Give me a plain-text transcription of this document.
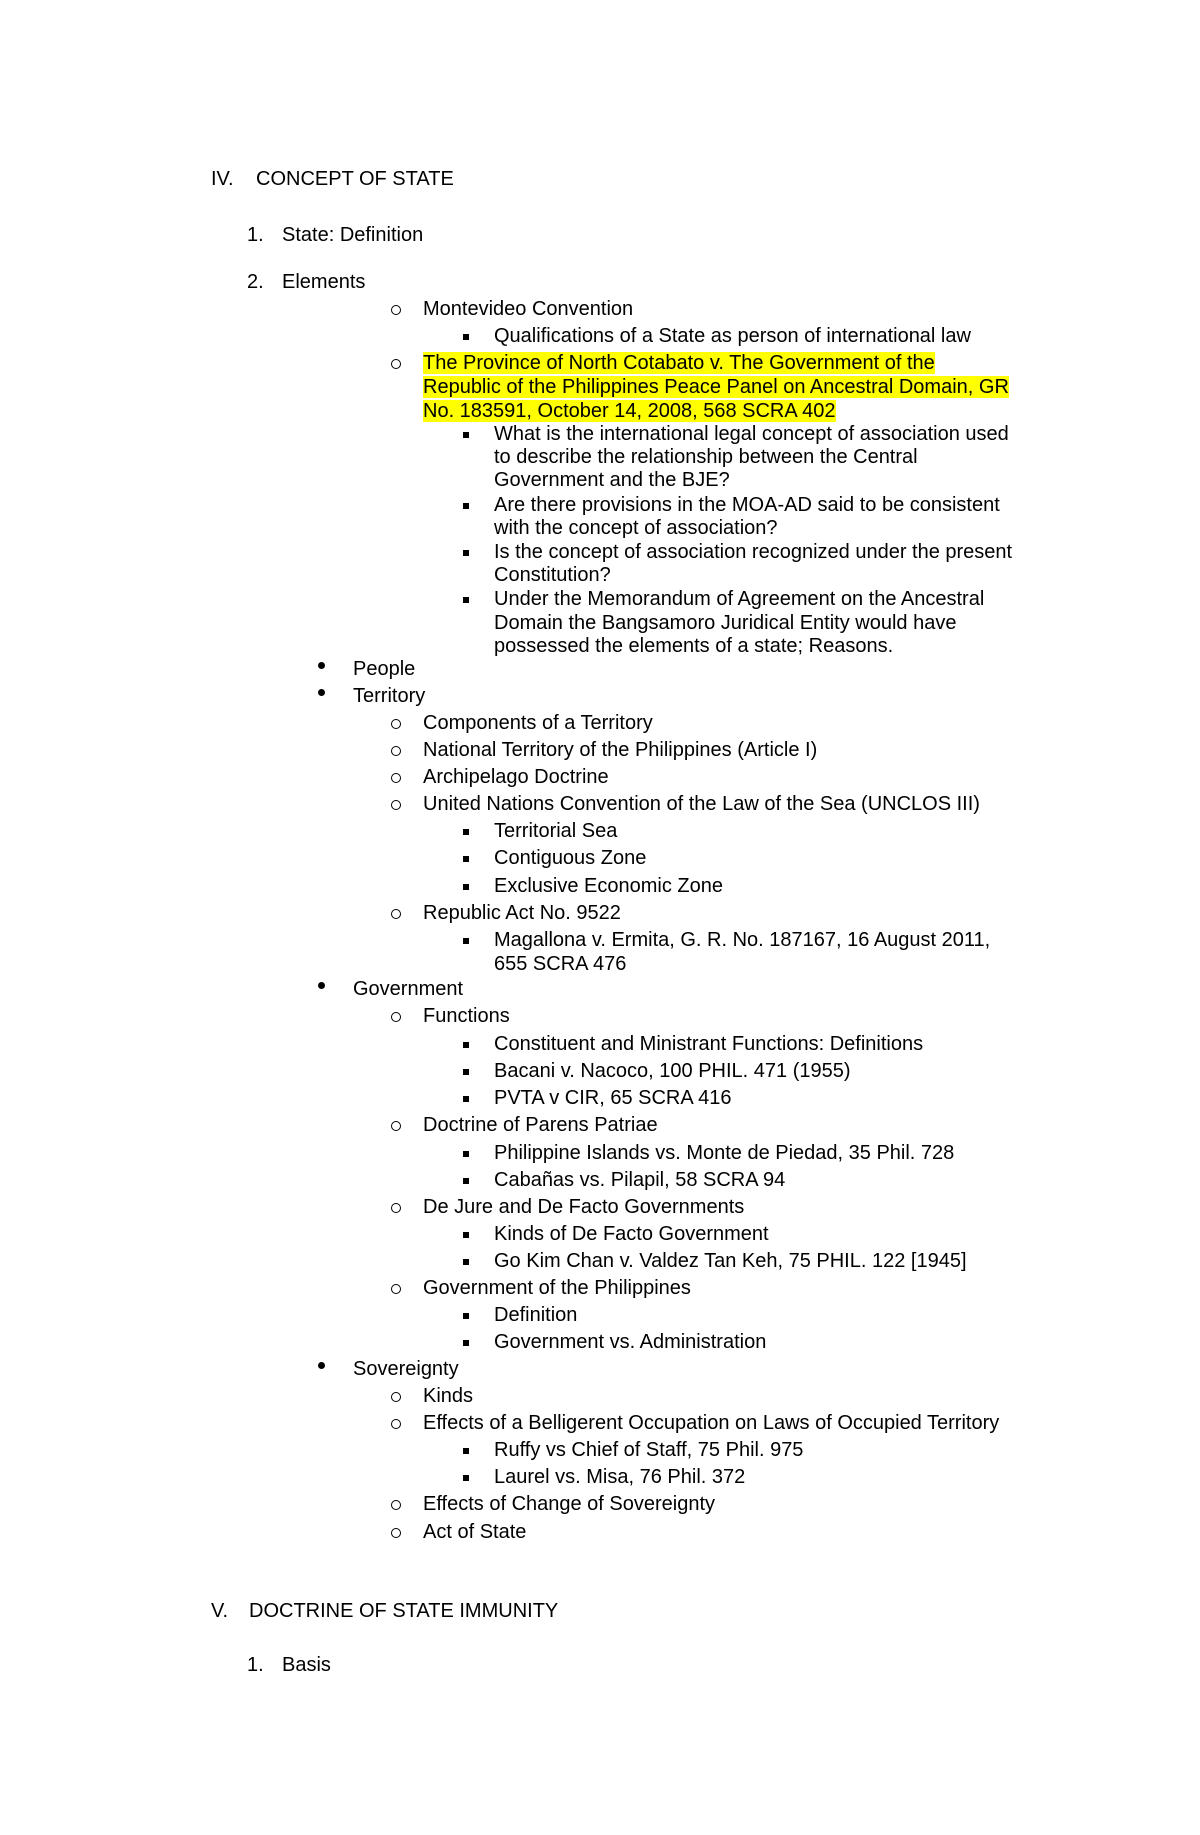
IV. CONCEPT OF STATE
1. State: Definition
2. Elements
Montevideo Convention
Qualifications of a State as person of international law
The Province of North Cotabato v. The Government of the
Republic of the Philippines Peace Panel on Ancestral Domain, GR
No. 183591, October 14, 2008, 568 SCRA 402
What is the international legal concept of association used
to describe the relationship between the Central
Government and the BJE?
Are there provisions in the MOA-AD said to be consistent
with the concept of association?
Is the concept of association recognized under the present
Constitution?
Under the Memorandum of Agreement on the Ancestral
Domain the Bangsamoro Juridical Entity would have
possessed the elements of a state; Reasons.
People
Territory
Components of a Territory
National Territory of the Philippines (Article I)
Archipelago Doctrine
United Nations Convention of the Law of the Sea (UNCLOS III)
Territorial Sea
Contiguous Zone
Exclusive Economic Zone
Republic Act No. 9522
Magallona v. Ermita, G. R. No. 187167, 16 August 2011,
655 SCRA 476
Government
Functions
Constituent and Ministrant Functions: Definitions
Bacani v. Nacoco, 100 PHIL. 471 (1955)
PVTA v CIR, 65 SCRA 416
Doctrine of Parens Patriae
Philippine Islands vs. Monte de Piedad, 35 Phil. 728
Cabañas vs. Pilapil, 58 SCRA 94
De Jure and De Facto Governments
Kinds of De Facto Government
Go Kim Chan v. Valdez Tan Keh, 75 PHIL. 122 [1945]
Government of the Philippines
Definition
Government vs. Administration
Sovereignty
Kinds
Effects of a Belligerent Occupation on Laws of Occupied Territory
Ruffy vs Chief of Staff, 75 Phil. 975
Laurel vs. Misa, 76 Phil. 372
Effects of Change of Sovereignty
Act of State
V. DOCTRINE OF STATE IMMUNITY
1. Basis
